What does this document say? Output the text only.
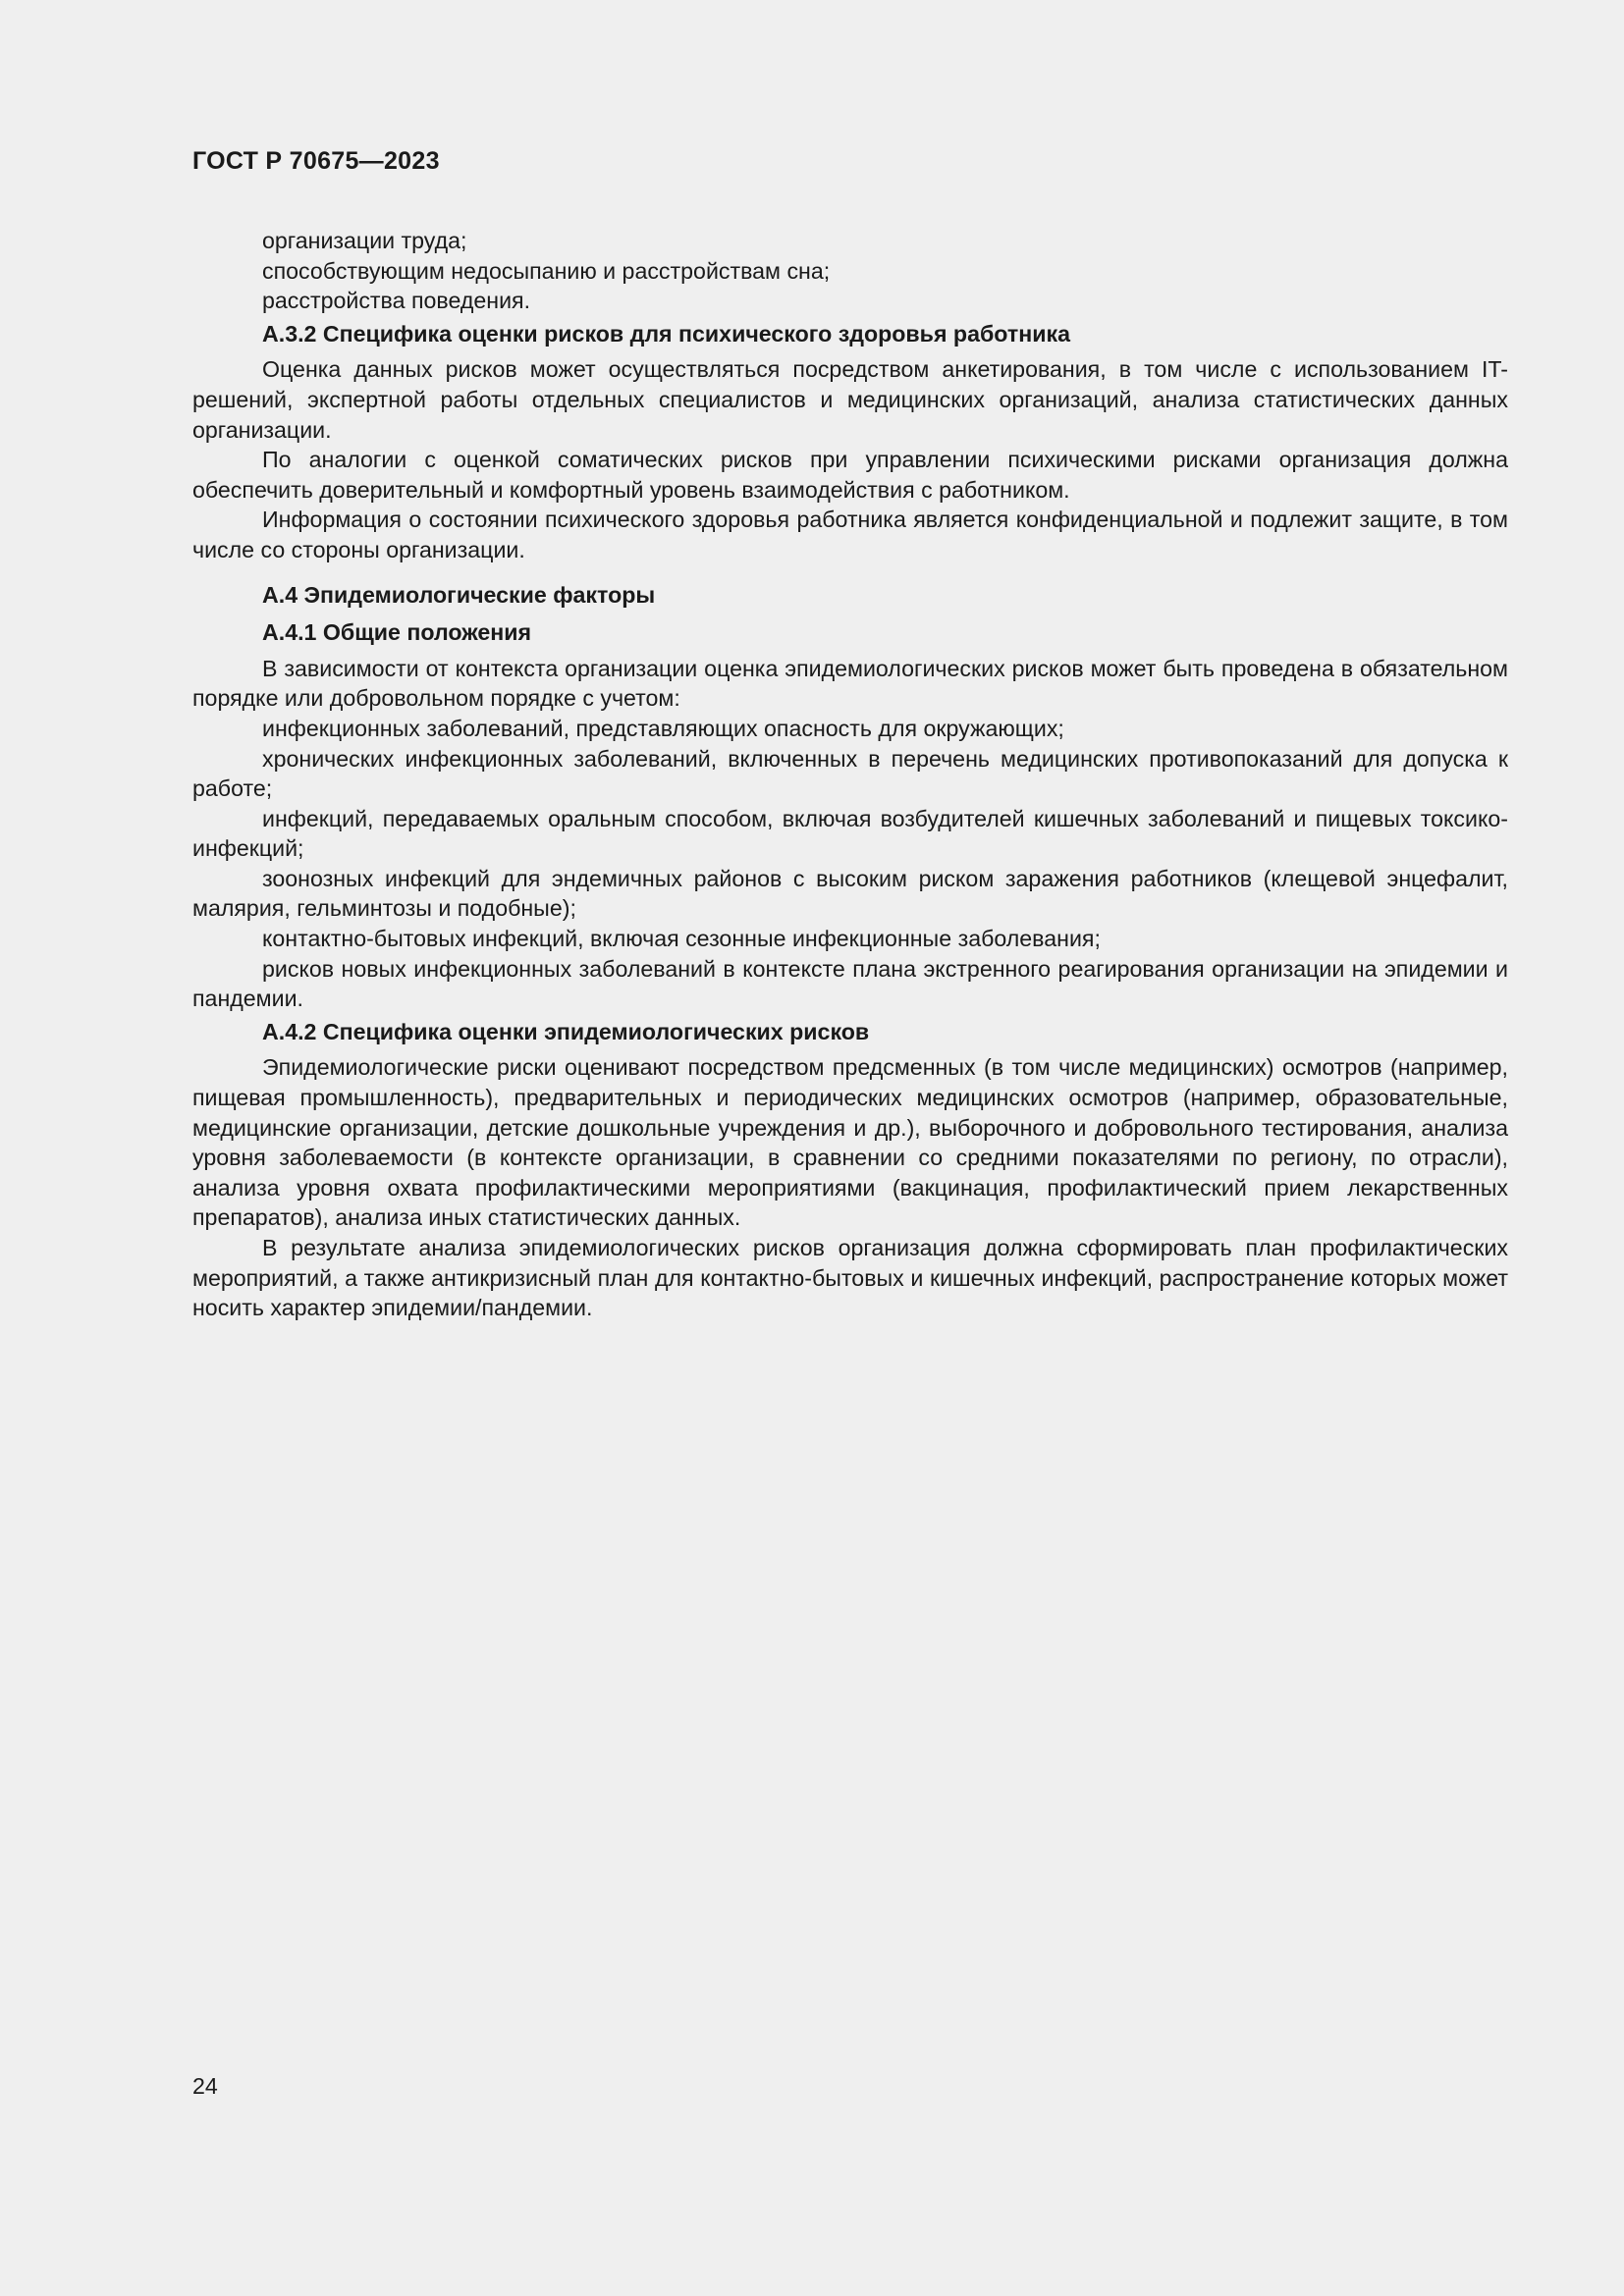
ГОСТ Р 70675—2023

организации труда;

способствующим недосыпанию и расстройствам сна;

расстройства поведения.

А.3.2 Специфика оценки рисков для психического здоровья работника

Оценка данных рисков может осуществляться посредством анкетирования, в том числе с использованием IT-решений, экспертной работы отдельных специалистов и медицинских организаций, анализа статистических данных организации.

По аналогии с оценкой соматических рисков при управлении психическими рисками организация должна обеспечить доверительный и комфортный уровень взаимодействия с работником.

Информация о состоянии психического здоровья работника является конфиденциальной и подлежит защите, в том числе со стороны организации.

А.4 Эпидемиологические факторы
А.4.1 Общие положения

В зависимости от контекста организации оценка эпидемиологических рисков может быть проведена в обязательном порядке или добровольном порядке с учетом:

инфекционных заболеваний, представляющих опасность для окружающих;

хронических инфекционных заболеваний, включенных в перечень медицинских противопоказаний для допуска к работе;

инфекций, передаваемых оральным способом, включая возбудителей кишечных заболеваний и пищевых токсико-инфекций;

зоонозных инфекций для эндемичных районов с высоким риском заражения работников (клещевой энцефалит, малярия, гельминтозы и подобные);

контактно-бытовых инфекций, включая сезонные инфекционные заболевания;

рисков новых инфекционных заболеваний в контексте плана экстренного реагирования организации на эпидемии и пандемии.

А.4.2 Специфика оценки эпидемиологических рисков

Эпидемиологические риски оценивают посредством предсменных (в том числе медицинских) осмотров (например, пищевая промышленность), предварительных и периодических медицинских осмотров (например, образовательные, медицинские организации, детские дошкольные учреждения и др.), выборочного и добровольного тестирования, анализа уровня заболеваемости (в контексте организации, в сравнении со средними показателями по региону, по отрасли), анализа уровня охвата профилактическими мероприятиями (вакцинация, профилактический прием лекарственных препаратов), анализа иных статистических данных.

В результате анализа эпидемиологических рисков организация должна сформировать план профилактических мероприятий, а также антикризисный план для контактно-бытовых и кишечных инфекций, распространение которых может носить характер эпидемии/пандемии.

24
